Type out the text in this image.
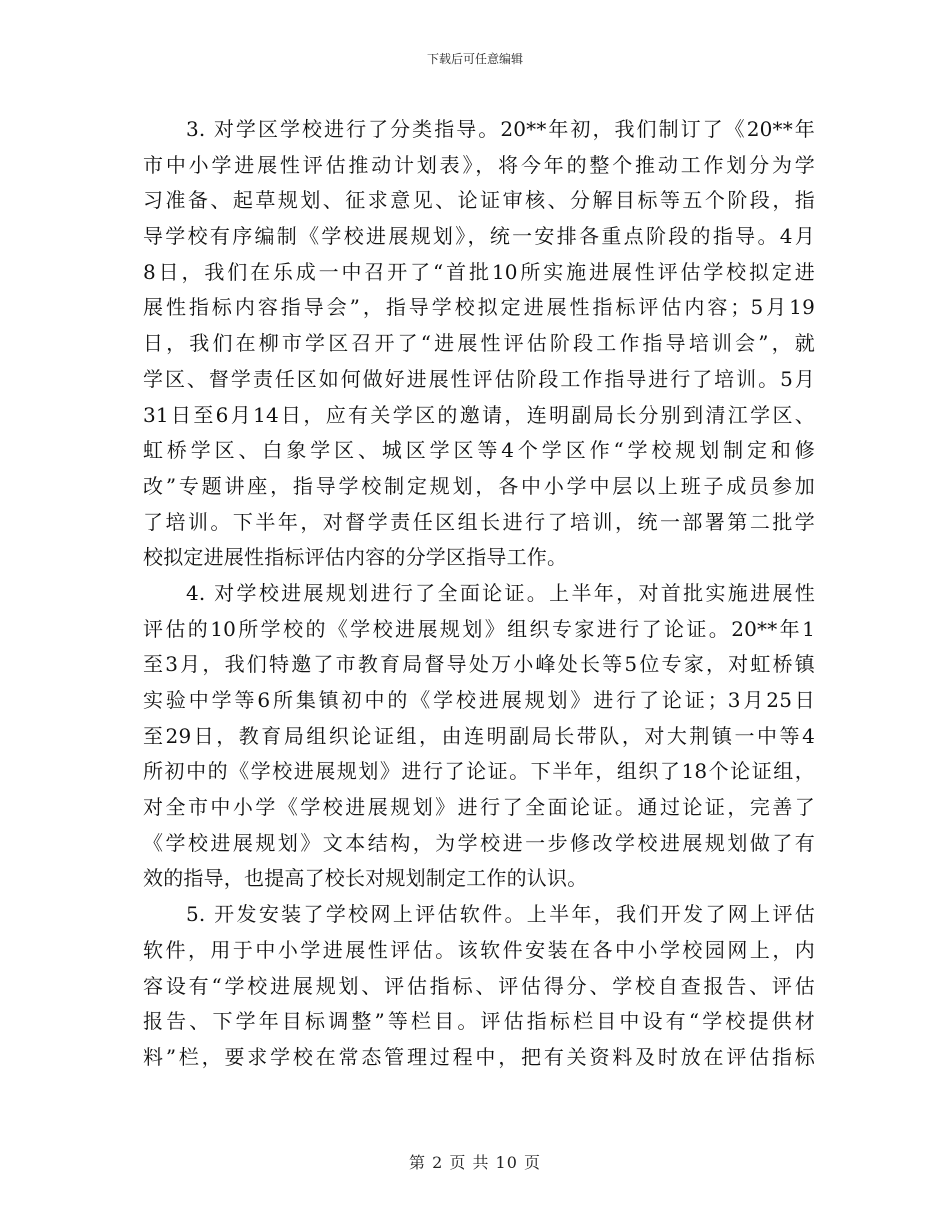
下载后可任意编辑
3. 对学区学校进行了分类指导。20**年初，我们制订了《20**年
市中小学进展性评估推动计划表》，将今年的整个推动工作划分为学
习准备、起草规划、征求意见、论证审核、分解目标等五个阶段，指
导学校有序编制《学校进展规划》，统一安排各重点阶段的指导。4月
8日，我们在乐成一中召开了“首批10所实施进展性评估学校拟定进
展性指标内容指导会”，指导学校拟定进展性指标评估内容；5月19
日，我们在柳市学区召开了“进展性评估阶段工作指导培训会”，就
学区、督学责任区如何做好进展性评估阶段工作指导进行了培训。5月
31日至6月14日，应有关学区的邀请，连明副局长分别到清江学区、
虹桥学区、白象学区、城区学区等4个学区作“学校规划制定和修
改”专题讲座，指导学校制定规划，各中小学中层以上班子成员参加
了培训。下半年，对督学责任区组长进行了培训，统一部署第二批学
校拟定进展性指标评估内容的分学区指导工作。
4. 对学校进展规划进行了全面论证。上半年，对首批实施进展性
评估的10所学校的《学校进展规划》组织专家进行了论证。20**年1
至3月，我们特邀了市教育局督导处万小峰处长等5位专家，对虹桥镇
实验中学等6所集镇初中的《学校进展规划》进行了论证；3月25日
至29日，教育局组织论证组，由连明副局长带队，对大荆镇一中等4
所初中的《学校进展规划》进行了论证。下半年，组织了18个论证组，
对全市中小学《学校进展规划》进行了全面论证。通过论证，完善了
《学校进展规划》文本结构，为学校进一步修改学校进展规划做了有
效的指导，也提高了校长对规划制定工作的认识。
5. 开发安装了学校网上评估软件。上半年，我们开发了网上评估
软件，用于中小学进展性评估。该软件安装在各中小学校园网上，内
容设有“学校进展规划、评估指标、评估得分、学校自查报告、评估
报告、下学年目标调整”等栏目。评估指标栏目中设有“学校提供材
料”栏，要求学校在常态管理过程中，把有关资料及时放在评估指标
第 2 页 共 10 页
